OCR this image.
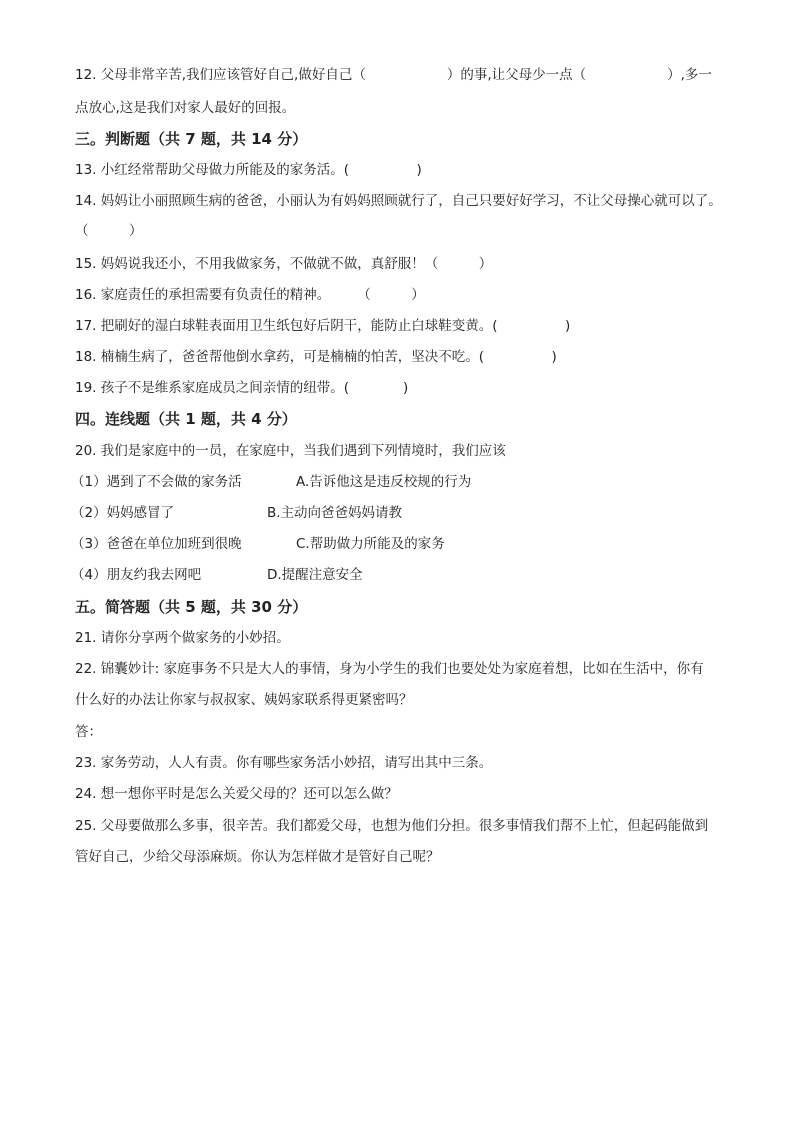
12. 父母非常辛苦,我们应该管好自己,做好自己（　　　　　　）的事,让父母少一点（　　　　　　）,多一
点放心,这是我们对家人最好的回报。
三。判断题（共 7 题，共 14 分）
13. 小红经常帮助父母做力所能及的家务活。(　　　　　)
14. 妈妈让小丽照顾生病的爸爸，小丽认为有妈妈照顾就行了，自己只要好好学习，不让父母操心就可以了。
（　　　）
15. 妈妈说我还小，不用我做家务，不做就不做，真舒服！（　　　）
16. 家庭责任的承担需要有负责任的精神。　　　（　　　）
17. 把刷好的湿白球鞋表面用卫生纸包好后阴干，能防止白球鞋变黄。(　　　　　)
18. 楠楠生病了，爸爸帮他倒水拿药，可是楠楠的怕苦，坚决不吃。(　　　　　)
19. 孩子不是维系家庭成员之间亲情的纽带。(　　　　)
四。连线题（共 1 题，共 4 分）
20. 我们是家庭中的一员，在家庭中，当我们遇到下列情境时，我们应该
（1）遇到了不会做的家务活	A.告诉他这是违反校规的行为
（2）妈妈感冒了	B.主动向爸爸妈妈请教
（3）爸爸在单位加班到很晚	C.帮助做力所能及的家务
（4）朋友约我去网吧	D.提醒注意安全
五。简答题（共 5 题，共 30 分）
21. 请你分享两个做家务的小妙招。
22. 锦囊妙计: 家庭事务不只是大人的事情，身为小学生的我们也要处处为家庭着想，比如在生活中，你有
什么好的办法让你家与叔叔家、姨妈家联系得更紧密吗？
答：
23. 家务劳动，人人有责。你有哪些家务活小妙招，请写出其中三条。
24. 想一想你平时是怎么关爱父母的？还可以怎么做？
25. 父母要做那么多事，很辛苦。我们都爱父母，也想为他们分担。很多事情我们帮不上忙，但起码能做到
管好自己，少给父母添麻烦。你认为怎样做才是管好自己呢？
